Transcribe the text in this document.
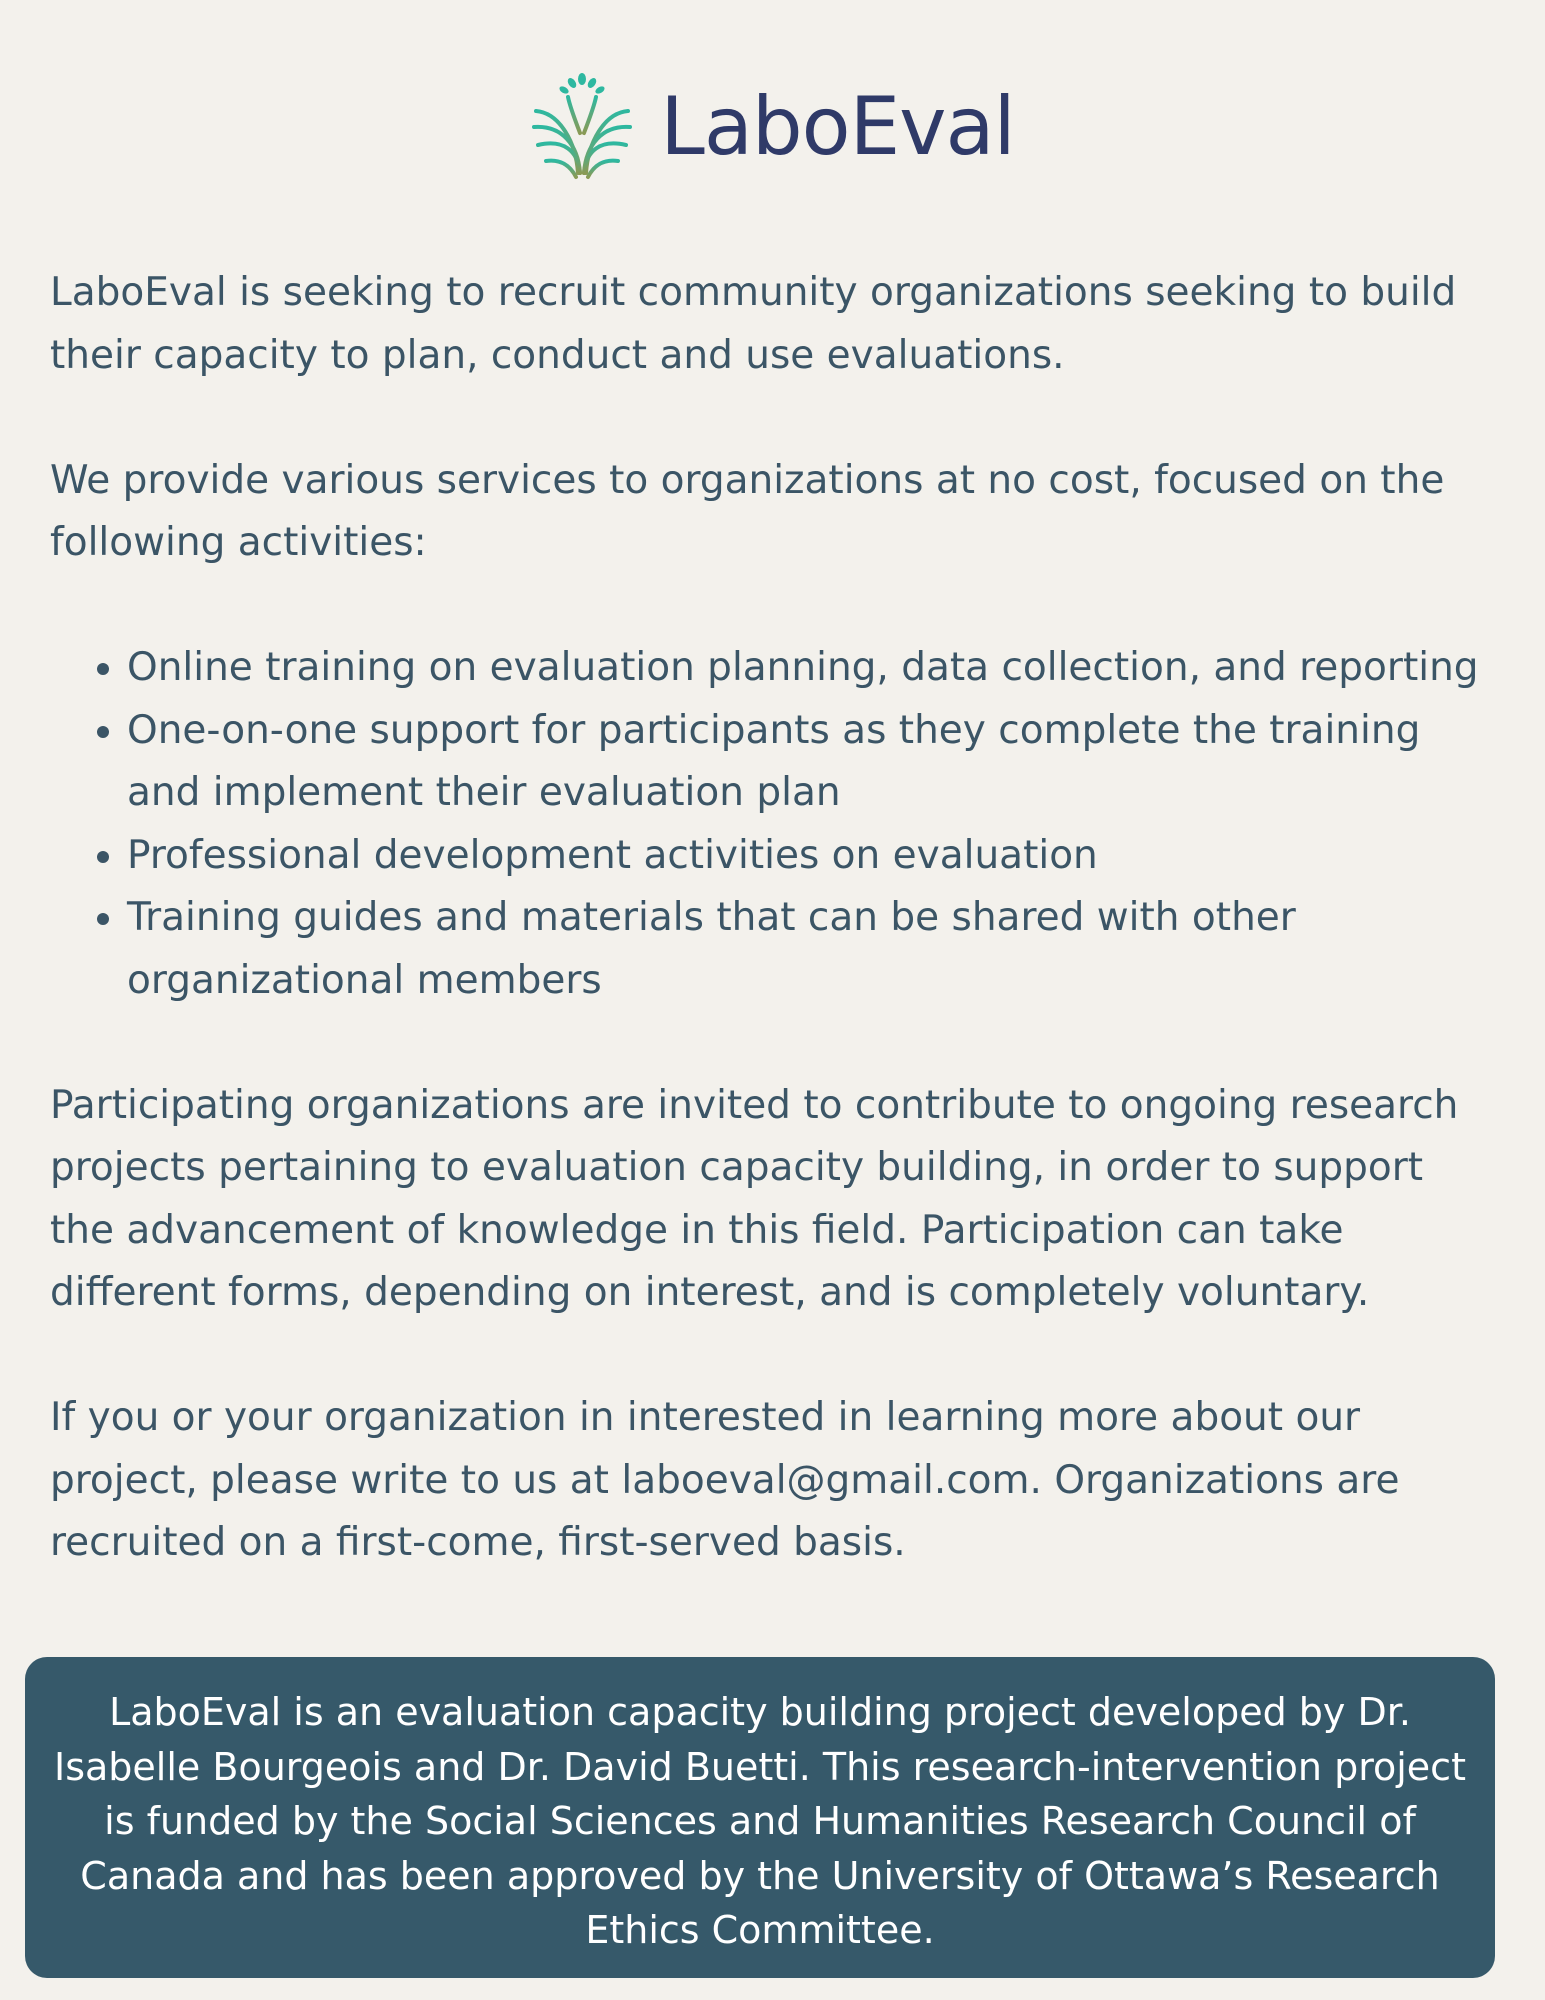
LaboEval

LaboEval is seeking to recruit community organizations seeking to build their capacity to plan, conduct and use evaluations.

We provide various services to organizations at no cost, focused on the following activities:

• Online training on evaluation planning, data collection, and reporting
• One-on-one support for participants as they complete the training and implement their evaluation plan
• Professional development activities on evaluation
• Training guides and materials that can be shared with other organizational members

Participating organizations are invited to contribute to ongoing research projects pertaining to evaluation capacity building, in order to support the advancement of knowledge in this field. Participation can take different forms, depending on interest, and is completely voluntary.

If you or your organization in interested in learning more about our project, please write to us at laboeval@gmail.com. Organizations are recruited on a first-come, first-served basis.

LaboEval is an evaluation capacity building project developed by Dr. Isabelle Bourgeois and Dr. David Buetti. This research-intervention project is funded by the Social Sciences and Humanities Research Council of Canada and has been approved by the University of Ottawa’s Research Ethics Committee.
